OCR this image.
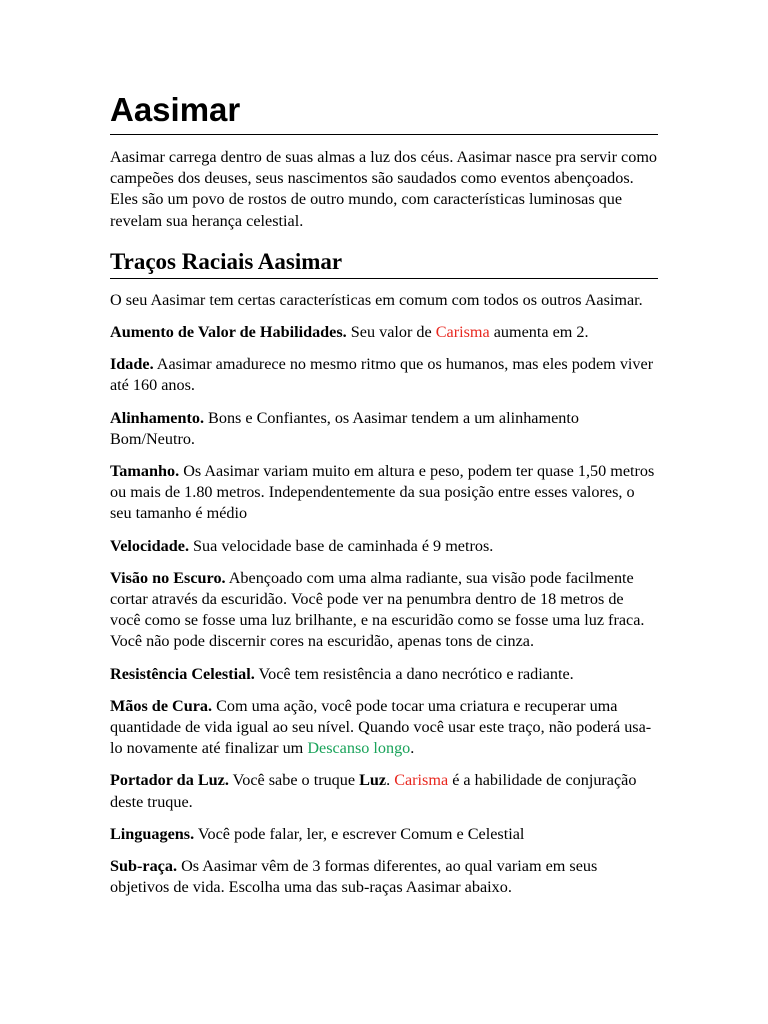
Aasimar

Aasimar carrega dentro de suas almas a luz dos céus. Aasimar nasce pra servir como campeões dos deuses, seus nascimentos são saudados como eventos abençoados. Eles são um povo de rostos de outro mundo, com características luminosas que revelam sua herança celestial.

Traços Raciais Aasimar

O seu Aasimar tem certas características em comum com todos os outros Aasimar.

Aumento de Valor de Habilidades. Seu valor de Carisma aumenta em 2.

Idade. Aasimar amadurece no mesmo ritmo que os humanos, mas eles podem viver até 160 anos.

Alinhamento. Bons e Confiantes, os Aasimar tendem a um alinhamento Bom/Neutro.

Tamanho. Os Aasimar variam muito em altura e peso, podem ter quase 1,50 metros ou mais de 1.80 metros. Independentemente da sua posição entre esses valores, o seu tamanho é médio

Velocidade. Sua velocidade base de caminhada é 9 metros.

Visão no Escuro. Abençoado com uma alma radiante, sua visão pode facilmente cortar através da escuridão. Você pode ver na penumbra dentro de 18 metros de você como se fosse uma luz brilhante, e na escuridão como se fosse uma luz fraca. Você não pode discernir cores na escuridão, apenas tons de cinza.

Resistência Celestial. Você tem resistência a dano necrótico e radiante.

Mãos de Cura. Com uma ação, você pode tocar uma criatura e recuperar uma quantidade de vida igual ao seu nível. Quando você usar este traço, não poderá usa-lo novamente até finalizar um Descanso longo.

Portador da Luz. Você sabe o truque Luz. Carisma é a habilidade de conjuração deste truque.

Linguagens. Você pode falar, ler, e escrever Comum e Celestial

Sub-raça. Os Aasimar vêm de 3 formas diferentes, ao qual variam em seus objetivos de vida. Escolha uma das sub-raças Aasimar abaixo.
